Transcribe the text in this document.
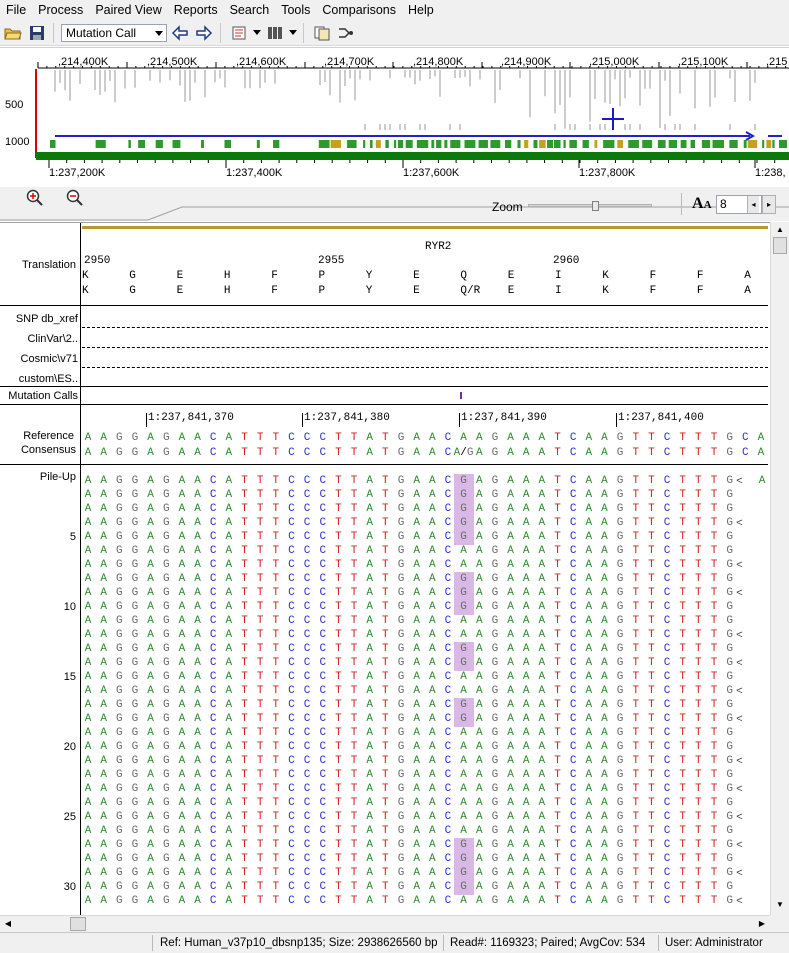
File Process Paired View Reports Search Tools Comparisons Help
Mutation Call
500
1000
,214,400K	,214,500K	,214,600K	,214,700K	,214,800K	,214,900K	,215,000K	,215,100K	,215
1:237,200K	1:237,400K	1:237,600K	1:237,800K	1:238,
Zoom	AA 8	◂	▸
Translation
RYR2
2950	2955	2960
K	G	E	H	F	P	Y	E	Q	E	I	K	F	F	A
K	G	E	H	F	P	Y	E	Q/R E	I	K	F	F	A
SNP db_xref
ClinVar\2..
Cosmic\v71
custom\ES..
Mutation Calls
1:237,841,370	1:237,841,380	1:237,841,390	1:237,841,400
Reference
Consensus
A A G G A G A A C A T T T C C C T T A T G A A C A A G A A A T C A A G T T C T T T G C A
A A G G A G A A C A T T T C C C T T A T G A A C A/G A G A A A T C A A G T T C T T T G C A
Pile-Up
5
10
15
20
25
30
A A G G A G A A C A T T T C C C T T A T G A A C G A G A A A T C A A G T T C T T T G < A
A A G G A G A A C A T T T C C C T T A T G A A C G A G A A A T C A A G T T C T T T G
A A G G A G A A C A T T T C C C T T A T G A A C G A G A A A T C A A G T T C T T T G
A A G G A G A A C A T T T C C C T T A T G A A C G A G A A A T C A A G T T C T T T G <
A A G G A G A A C A T T T C C C T T A T G A A C G A G A A A T C A A G T T C T T T G
A A G G A G A A C A T T T C C C T T A T G A A C A A G A A A T C A A G T T C T T T G
A A G G A G A A C A T T T C C C T T A T G A A C A A G A A A T C A A G T T C T T T G <
A A G G A G A A C A T T T C C C T T A T G A A C G A G A A A T C A A G T T C T T T G
A A G G A G A A C A T T T C C C T T A T G A A C G A G A A A T C A A G T T C T T T G <
A A G G A G A A C A T T T C C C T T A T G A A C G A G A A A T C A A G T T C T T T G
A A G G A G A A C A T T T C C C T T A T G A A C A A G A A A T C A A G T T C T T T G
A A G G A G A A C A T T T C C C T T A T G A A C A A G A A A T C A A G T T C T T T G <
A A G G A G A A C A T T T C C C T T A T G A A C G A G A A A T C A A G T T C T T T G
A A G G A G A A C A T T T C C C T T A T G A A C G A G A A A T C A A G T T C T T T G <
A A G G A G A A C A T T T C C C T T A T G A A C A A G A A A T C A A G T T C T T T G
A A G G A G A A C A T T T C C C T T A T G A A C A A G A A A T C A A G T T C T T T G <
A A G G A G A A C A T T T C C C T T A T G A A C G A G A A A T C A A G T T C T T T G
A A G G A G A A C A T T T C C C T T A T G A A C G A G A A A T C A A G T T C T T T G <
A A G G A G A A C A T T T C C C T T A T G A A C A A G A A A T C A A G T T C T T T G
A A G G A G A A C A T T T C C C T T A T G A A C A A G A A A T C A A G T T C T T T G
A A G G A G A A C A T T T C C C T T A T G A A C A A G A A A T C A A G T T C T T T G <
A A G G A G A A C A T T T C C C T T A T G A A C A A G A A A T C A A G T T C T T T G
A A G G A G A A C A T T T C C C T T A T G A A C A A G A A A T C A A G T T C T T T G <
A A G G A G A A C A T T T C C C T T A T G A A C A A G A A A T C A A G T T C T T T G
A A G G A G A A C A T T T C C C T T A T G A A C A A G A A A T C A A G T T C T T T G <
A A G G A G A A C A T T T C C C T T A T G A A C A A G A A A T C A A G T T C T T T G
A A G G A G A A C A T T T C C C T T A T G A A C G A G A A A T C A A G T T C T T T G <
A A G G A G A A C A T T T C C C T T A T G A A C G A G A A A T C A A G T T C T T T G
A A G G A G A A C A T T T C C C T T A T G A A C G A G A A A T C A A G T T C T T T G <
A A G G A G A A C A T T T C C C T T A T G A A C G A G A A A T C A A G T T C T T T G
A A G G A G A A C A T T T C C C T T A T G A A C A A G A A A T C A A G T T C T T T G <
▲
▼
◀	▶
Ref: Human_v37p10_dbsnp135; Size: 2938626560 bp Read#: 1169323; Paired; AvgCov: 534 User: Administrator
